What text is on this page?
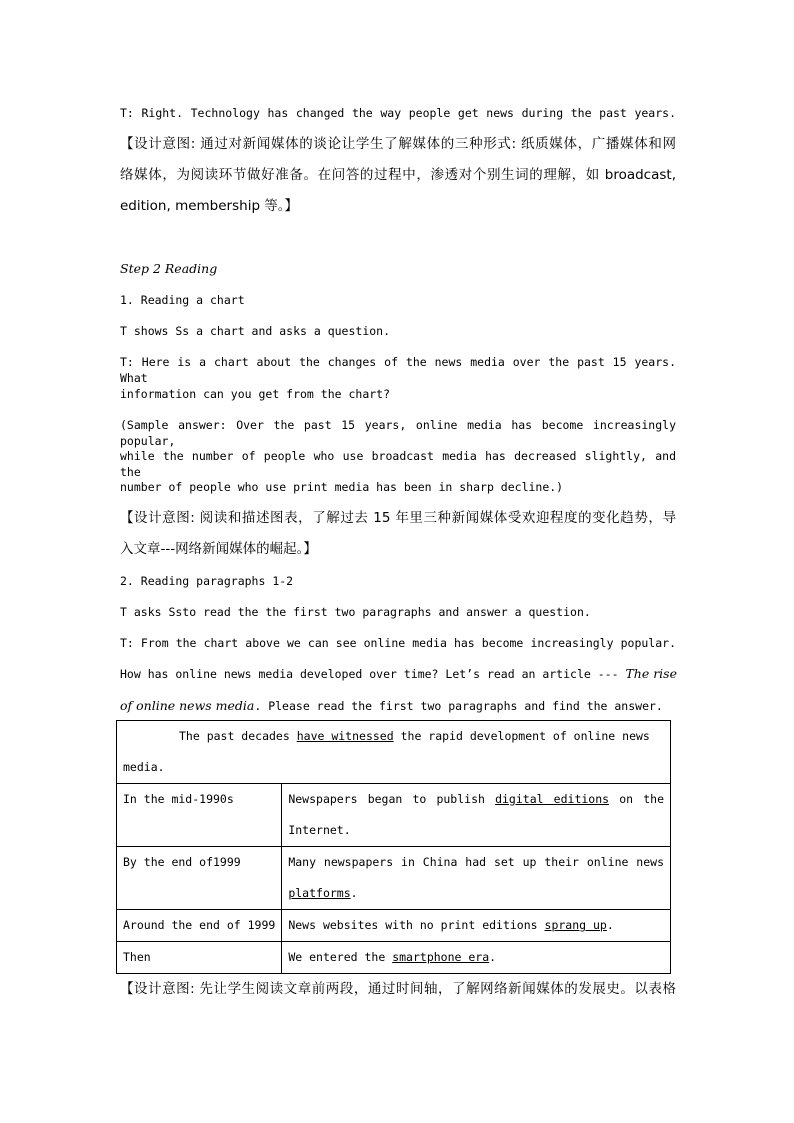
T: Right. Technology has changed the way people get news during the past years.
【设计意图: 通过对新闻媒体的谈论让学生了解媒体的三种形式: 纸质媒体，广播媒体和网
络媒体，为阅读环节做好准备。在问答的过程中，渗透对个别生词的理解，如 broadcast,
edition, membership 等。】
Step 2 Reading
1. Reading a chart
T shows Ss a chart and asks a question.
T: Here is a chart about the changes of the news media over the past 15 years. What
information can you get from the chart?
(Sample answer: Over the past 15 years, online media has become increasingly popular,
while the number of people who use broadcast media has decreased slightly, and the
number of people who use print media has been in sharp decline.)
【设计意图: 阅读和描述图表，了解过去 15 年里三种新闻媒体受欢迎程度的变化趋势，导
入文章---网络新闻媒体的崛起。】
2. Reading paragraphs 1-2
T asks Ssto read the the first two paragraphs and answer a question.
T: From the chart above we can see online media has become increasingly popular.
How has online news media developed over time? Let’s read an article --- The rise
of online news media. Please read the first two paragraphs and find the answer.
The past decades have witnessed the rapid development of online news
media.	

In the mid-1990s	Newspapers began to publish digital editions on the
Internet.

By the end of1999	Many newspapers in China had set up their online news
platforms.

Around the end of 1999	News websites with no print editions sprang up.

Then	We entered the smartphone era.
【设计意图: 先让学生阅读文章前两段，通过时间轴，了解网络新闻媒体的发展史。以表格
